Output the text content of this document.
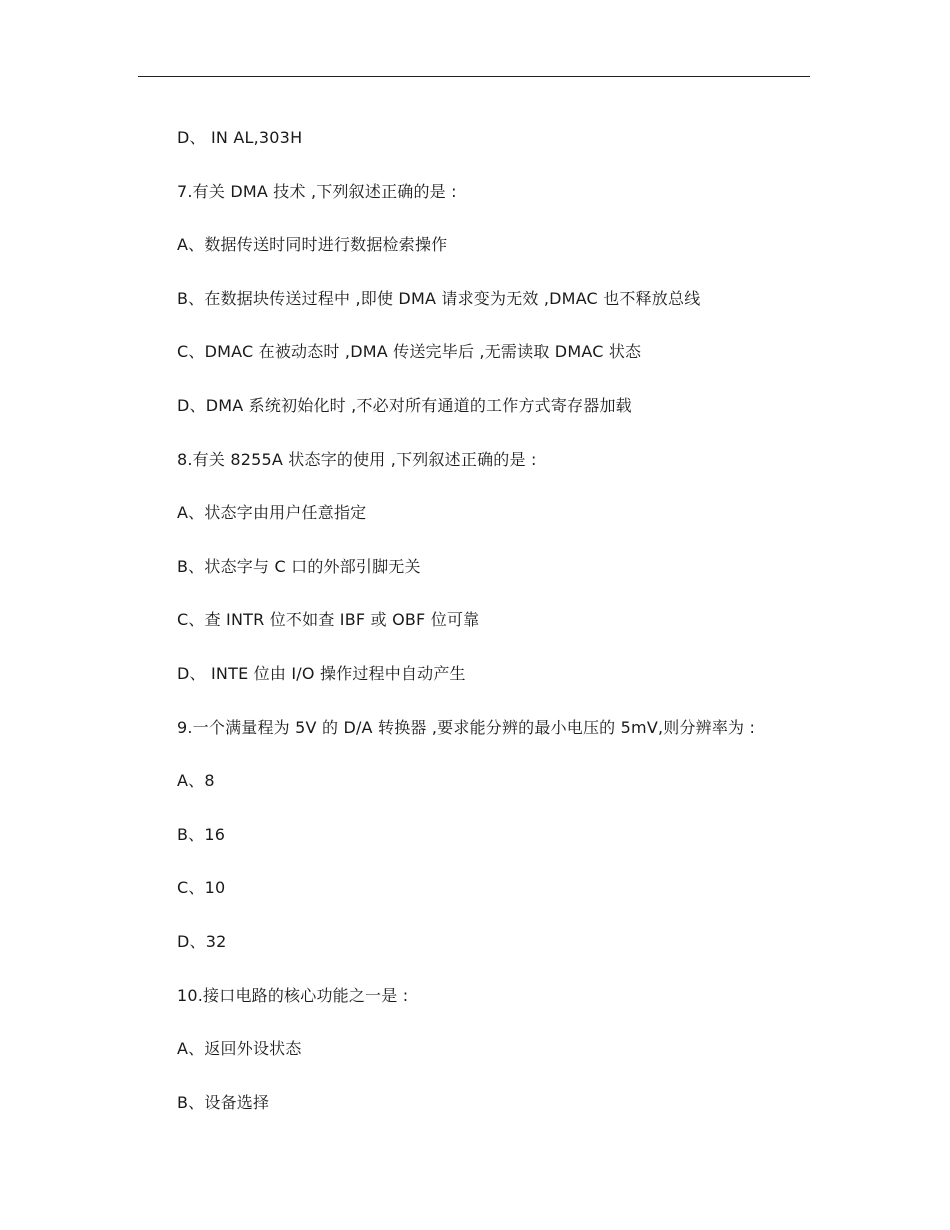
D、 IN AL,303H
7.有关 DMA 技术 ,下列叙述正确的是 :
A、数据传送时同时进行数据检索操作
B、在数据块传送过程中 ,即使 DMA 请求变为无效 ,DMAC 也不释放总线
C、DMAC 在被动态时 ,DMA 传送完毕后 ,无需读取 DMAC 状态
D、DMA 系统初始化时 ,不必对所有通道的工作方式寄存器加载
8.有关 8255A 状态字的使用 ,下列叙述正确的是 :
A、状态字由用户任意指定
B、状态字与 C 口的外部引脚无关
C、查 INTR 位不如查 IBF 或 OBF 位可靠
D、 INTE 位由 I/O 操作过程中自动产生
9.一个满量程为 5V 的 D/A 转换器 ,要求能分辨的最小电压的 5mV,则分辨率为 :
A、8
B、16
C、10
D、32
10.接口电路的核心功能之一是 :
A、返回外设状态
B、设备选择
